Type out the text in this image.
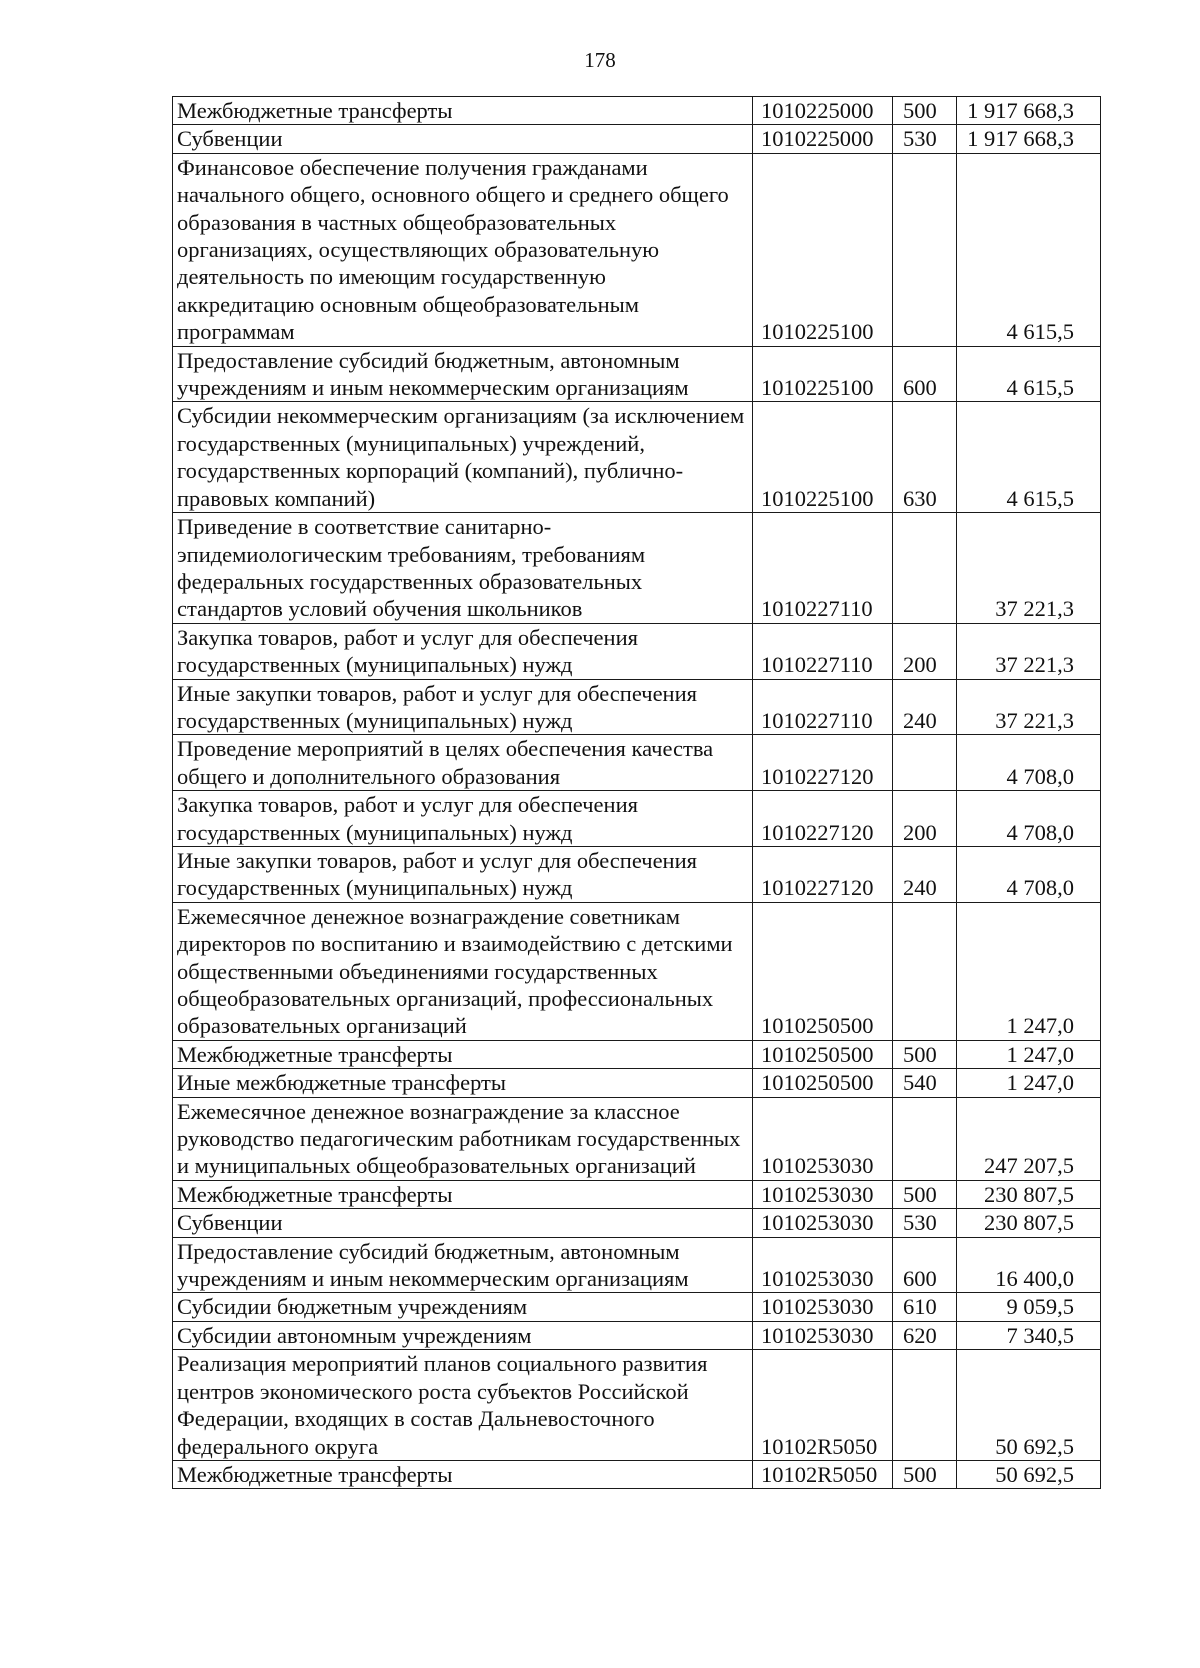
178
Межбюджетные трансферты	1010225000	500	1 917 668,3
Субвенции	1010225000	530	1 917 668,3
Финансовое обеспечение получения гражданами начального общего, основного общего и среднего общего образования в частных общеобразовательных организациях, осуществляющих образовательную деятельность по имеющим государственную аккредитацию основным общеобразовательным программам	1010225100		4 615,5
Предоставление субсидий бюджетным, автономным учреждениям и иным некоммерческим организациям	1010225100	600	4 615,5
Субсидии некоммерческим организациям (за исключением государственных (муниципальных) учреждений, государственных корпораций (компаний), публично-правовых компаний)	1010225100	630	4 615,5
Приведение в соответствие санитарно-эпидемиологическим требованиям, требованиям федеральных государственных образовательных стандартов условий обучения школьников	1010227110		37 221,3
Закупка товаров, работ и услуг для обеспечения государственных (муниципальных) нужд	1010227110	200	37 221,3
Иные закупки товаров, работ и услуг для обеспечения государственных (муниципальных) нужд	1010227110	240	37 221,3
Проведение мероприятий в целях обеспечения качества общего и дополнительного образования	1010227120		4 708,0
Закупка товаров, работ и услуг для обеспечения государственных (муниципальных) нужд	1010227120	200	4 708,0
Иные закупки товаров, работ и услуг для обеспечения государственных (муниципальных) нужд	1010227120	240	4 708,0
Ежемесячное денежное вознаграждение советникам директоров по воспитанию и взаимодействию с детскими общественными объединениями государственных общеобразовательных организаций, профессиональных образовательных организаций	1010250500		1 247,0
Межбюджетные трансферты	1010250500	500	1 247,0
Иные межбюджетные трансферты	1010250500	540	1 247,0
Ежемесячное денежное вознаграждение за классное руководство педагогическим работникам государственных и муниципальных общеобразовательных организаций	1010253030		247 207,5
Межбюджетные трансферты	1010253030	500	230 807,5
Субвенции	1010253030	530	230 807,5
Предоставление субсидий бюджетным, автономным учреждениям и иным некоммерческим организациям	1010253030	600	16 400,0
Субсидии бюджетным учреждениям	1010253030	610	9 059,5
Субсидии автономным учреждениям	1010253030	620	7 340,5
Реализация мероприятий планов социального развития центров экономического роста субъектов Российской Федерации, входящих в состав Дальневосточного федерального округа	10102R5050		50 692,5
Межбюджетные трансферты	10102R5050	500	50 692,5
